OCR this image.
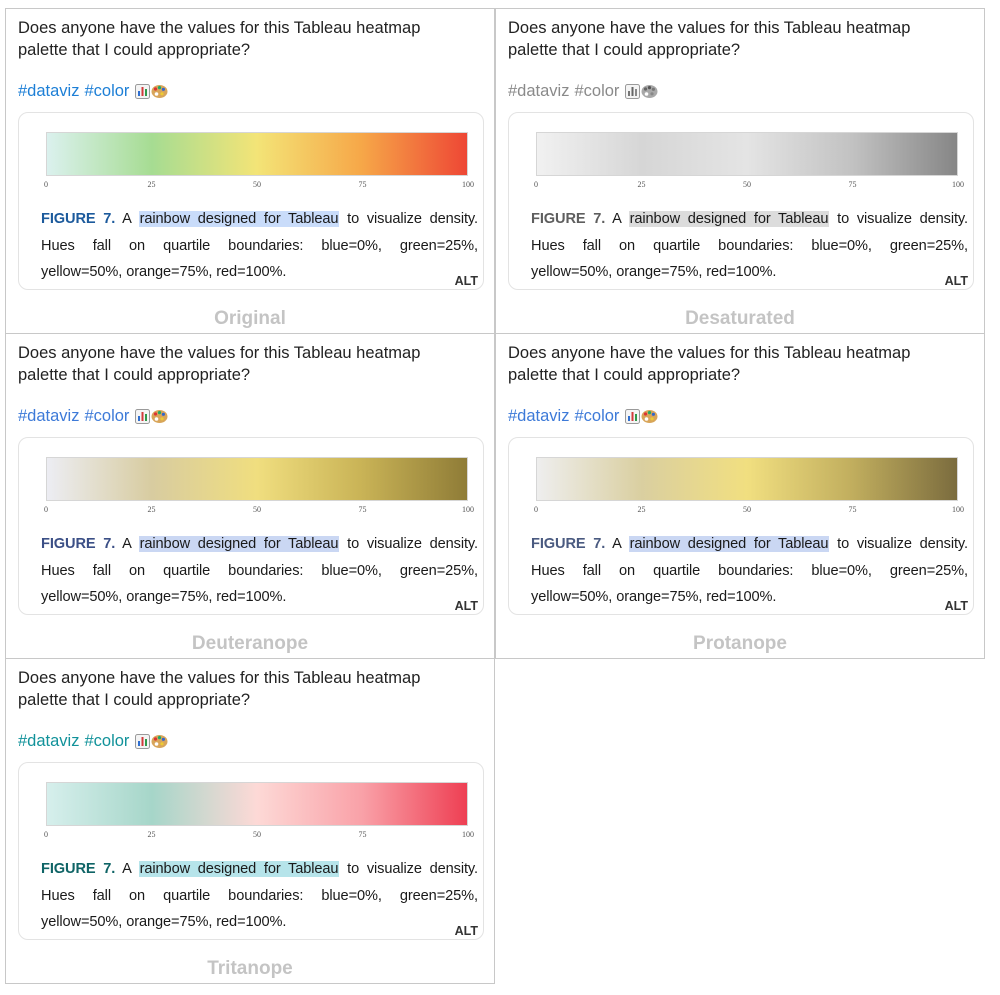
Does anyone have the values for this Tableau heatmap palette that I could appropriate?
#dataviz #color
0	25	50	75	100
FIGURE 7. A rainbow designed for Tableau to visualize density. Hues fall on quartile boundaries: blue=0%, green=25%, yellow=50%, orange=75%, red=100%.
ALT
Original
Does anyone have the values for this Tableau heatmap palette that I could appropriate?
#dataviz #color
0	25	50	75	100
FIGURE 7. A rainbow designed for Tableau to visualize density. Hues fall on quartile boundaries: blue=0%, green=25%, yellow=50%, orange=75%, red=100%.
ALT
Desaturated
Does anyone have the values for this Tableau heatmap palette that I could appropriate?
#dataviz #color
0	25	50	75	100
FIGURE 7. A rainbow designed for Tableau to visualize density. Hues fall on quartile boundaries: blue=0%, green=25%, yellow=50%, orange=75%, red=100%.
ALT
Deuteranope
Does anyone have the values for this Tableau heatmap palette that I could appropriate?
#dataviz #color
0	25	50	75	100
FIGURE 7. A rainbow designed for Tableau to visualize density. Hues fall on quartile boundaries: blue=0%, green=25%, yellow=50%, orange=75%, red=100%.
ALT
Protanope
Does anyone have the values for this Tableau heatmap palette that I could appropriate?
#dataviz #color
0	25	50	75	100
FIGURE 7. A rainbow designed for Tableau to visualize density. Hues fall on quartile boundaries: blue=0%, green=25%, yellow=50%, orange=75%, red=100%.
ALT
Tritanope
